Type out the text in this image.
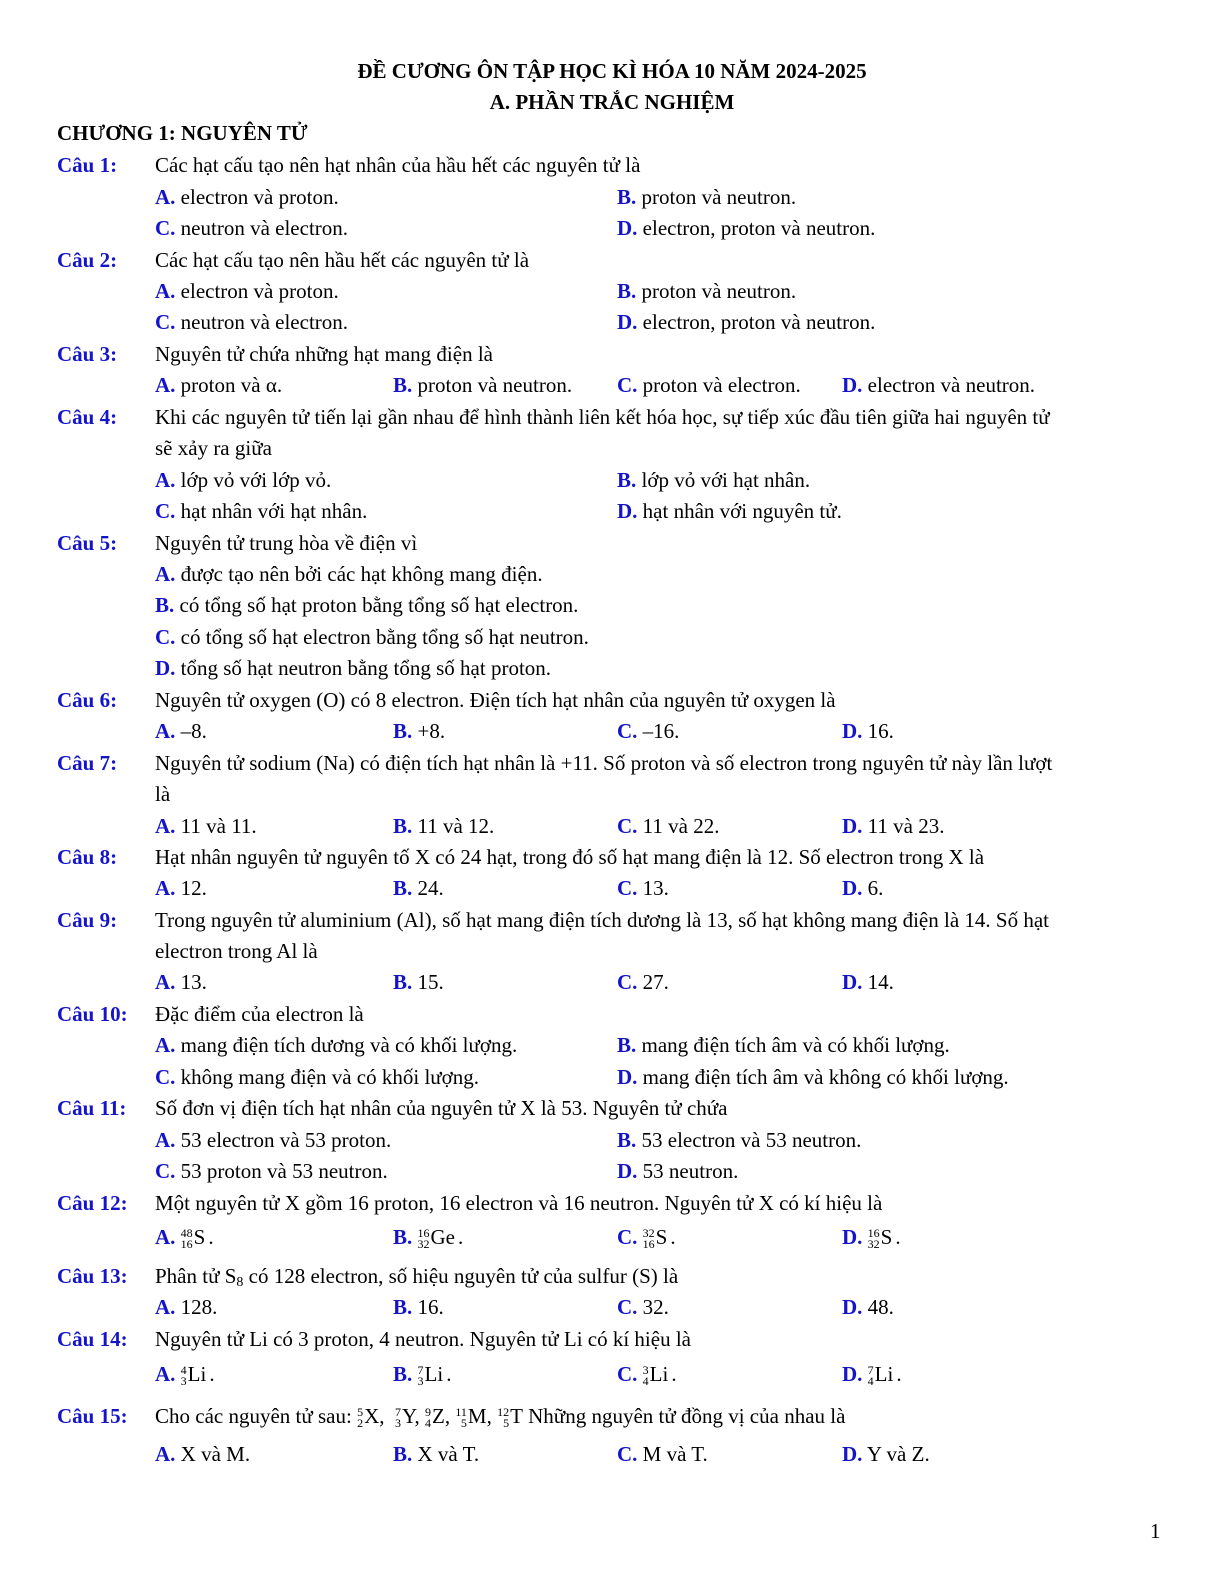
ĐỀ CƯƠNG ÔN TẬP HỌC KÌ HÓA 10 NĂM 2024-2025
A. PHẦN TRẮC NGHIỆM
CHƯƠNG 1: NGUYÊN TỬ
Câu 1: Các hạt cấu tạo nên hạt nhân của hầu hết các nguyên tử là
A. electron và proton.	B. proton và neutron.
C. neutron và electron.	D. electron, proton và neutron.
Câu 2: Các hạt cấu tạo nên hầu hết các nguyên tử là
A. electron và proton.	B. proton và neutron.
C. neutron và electron.	D. electron, proton và neutron.
Câu 3: Nguyên tử chứa những hạt mang điện là
A. proton và α.	B. proton và neutron. C. proton và electron. D. electron và neutron.
Câu 4: Khi các nguyên tử tiến lại gần nhau để hình thành liên kết hóa học, sự tiếp xúc đầu tiên giữa hai nguyên tử
sẽ xảy ra giữa
A. lớp vỏ với lớp vỏ.	B. lớp vỏ với hạt nhân.
C. hạt nhân với hạt nhân.	D. hạt nhân với nguyên tử.
Câu 5: Nguyên tử trung hòa về điện vì
A. được tạo nên bởi các hạt không mang điện.
B. có tổng số hạt proton bằng tổng số hạt electron.
C. có tổng số hạt electron bằng tổng số hạt neutron.
D. tổng số hạt neutron bằng tổng số hạt proton.
Câu 6: Nguyên tử oxygen (O) có 8 electron. Điện tích hạt nhân của nguyên tử oxygen là
A. –8.	B. +8.	C. –16.	D. 16.
Câu 7: Nguyên tử sodium (Na) có điện tích hạt nhân là +11. Số proton và số electron trong nguyên tử này lần lượt
là
A. 11 và 11.	B. 11 và 12.	C. 11 và 22.	D. 11 và 23.
Câu 8: Hạt nhân nguyên tử nguyên tố X có 24 hạt, trong đó số hạt mang điện là 12. Số electron trong X là
A. 12.	B. 24.	C. 13.	D. 6.
Câu 9: Trong nguyên tử aluminium (Al), số hạt mang điện tích dương là 13, số hạt không mang điện là 14. Số hạt
electron trong Al là
A. 13.	B. 15.	C. 27.	D. 14.
Câu 10: Đặc điểm của electron là
A. mang điện tích dương và có khối lượng.	B. mang điện tích âm và có khối lượng.
C. không mang điện và có khối lượng.	D. mang điện tích âm và không có khối lượng.
Câu 11: Số đơn vị điện tích hạt nhân của nguyên tử X là 53. Nguyên tử chứa
A. 53 electron và 53 proton.	B. 53 electron và 53 neutron.
C. 53 proton và 53 neutron.	D. 53 neutron.
Câu 12: Một nguyên tử X gồm 16 proton, 16 electron và 16 neutron. Nguyên tử X có kí hiệu là
A. 48
16 S .	B. 16
32 Ge .	C. 32
16 S .	D. 16
32 S .
Câu 13: Phân tử $S_8$ có 128 electron, số hiệu nguyên tử của sulfur (S) là
A. 128.	B. 16.	C. 32.	D. 48.
Câu 14: Nguyên tử Li có 3 proton, 4 neutron. Nguyên tử Li có kí hiệu là
A. 4
3 Li .	B. 7
3 Li .	C. 3
4 Li .	D. 7
4 Li .
Câu 15: Cho các nguyên tử sau: 5
2 X, 7
3 Y, 9
4 Z, 11
5 M, 12
5 T Những nguyên tử đồng vị của nhau là
A. X và M.	B. X và T.	C. M và T.	D. Y và Z.
1
